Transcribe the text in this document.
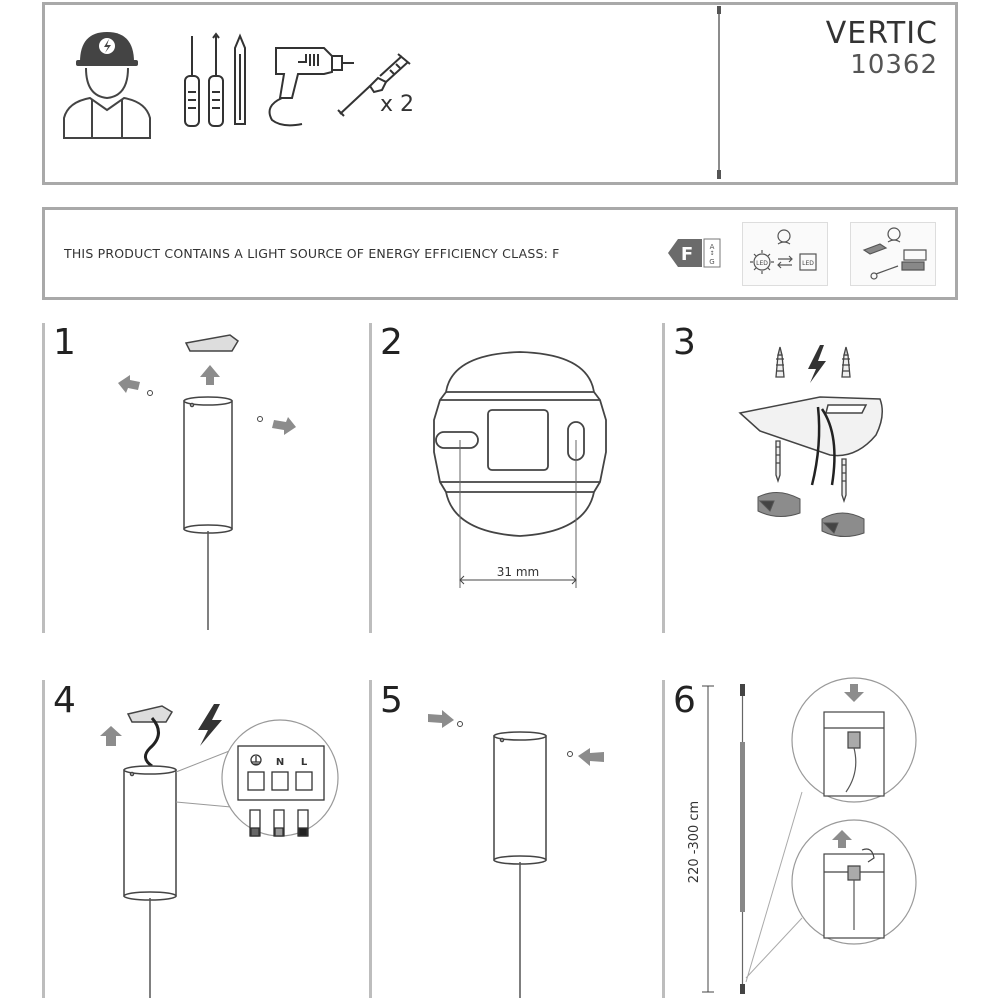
x 2
VERTIC
10362
THIS PRODUCT CONTAINS A LIGHT SOURCE OF ENERGY EFFICIENCY CLASS: F	F A
↕
G	LED	LED
1	2	3
4	5	6
31 mm
N L
220 -300 cm
